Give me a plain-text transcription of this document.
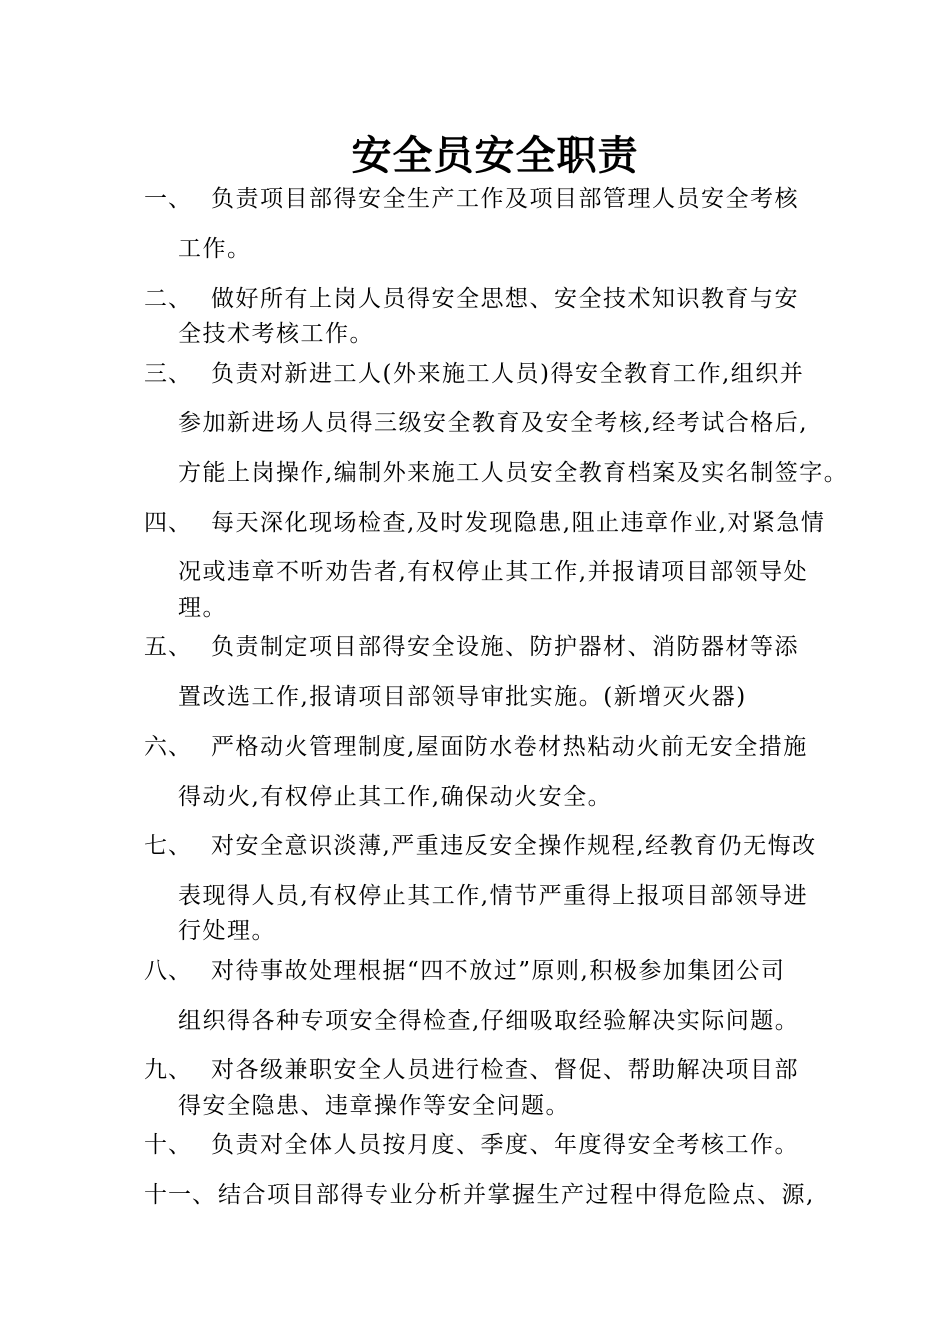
安全员安全职责
一、 负责项目部得安全生产工作及项目部管理人员安全考核
工作。
二、 做好所有上岗人员得安全思想、安全技术知识教育与安
全技术考核工作。
三、 负责对新进工人(外来施工人员)得安全教育工作,组织并
参加新进场人员得三级安全教育及安全考核,经考试合格后,
方能上岗操作,编制外来施工人员安全教育档案及实名制签字。
四、 每天深化现场检查,及时发现隐患,阻止违章作业,对紧急情
况或违章不听劝告者,有权停止其工作,并报请项目部领导处
理。
五、 负责制定项目部得安全设施、防护器材、消防器材等添
置改选工作,报请项目部领导审批实施。(新增灭火器)
六、 严格动火管理制度,屋面防水卷材热粘动火前无安全措施
得动火,有权停止其工作,确保动火安全。
七、 对安全意识淡薄,严重违反安全操作规程,经教育仍无悔改
表现得人员,有权停止其工作,情节严重得上报项目部领导进
行处理。
八、 对待事故处理根据“四不放过”原则,积极参加集团公司
组织得各种专项安全得检查,仔细吸取经验解决实际问题。
九、 对各级兼职安全人员进行检查、督促、帮助解决项目部
得安全隐患、违章操作等安全问题。
十、 负责对全体人员按月度、季度、年度得安全考核工作。
十一、 结合项目部得专业分析并掌握生产过程中得危险点、源,
